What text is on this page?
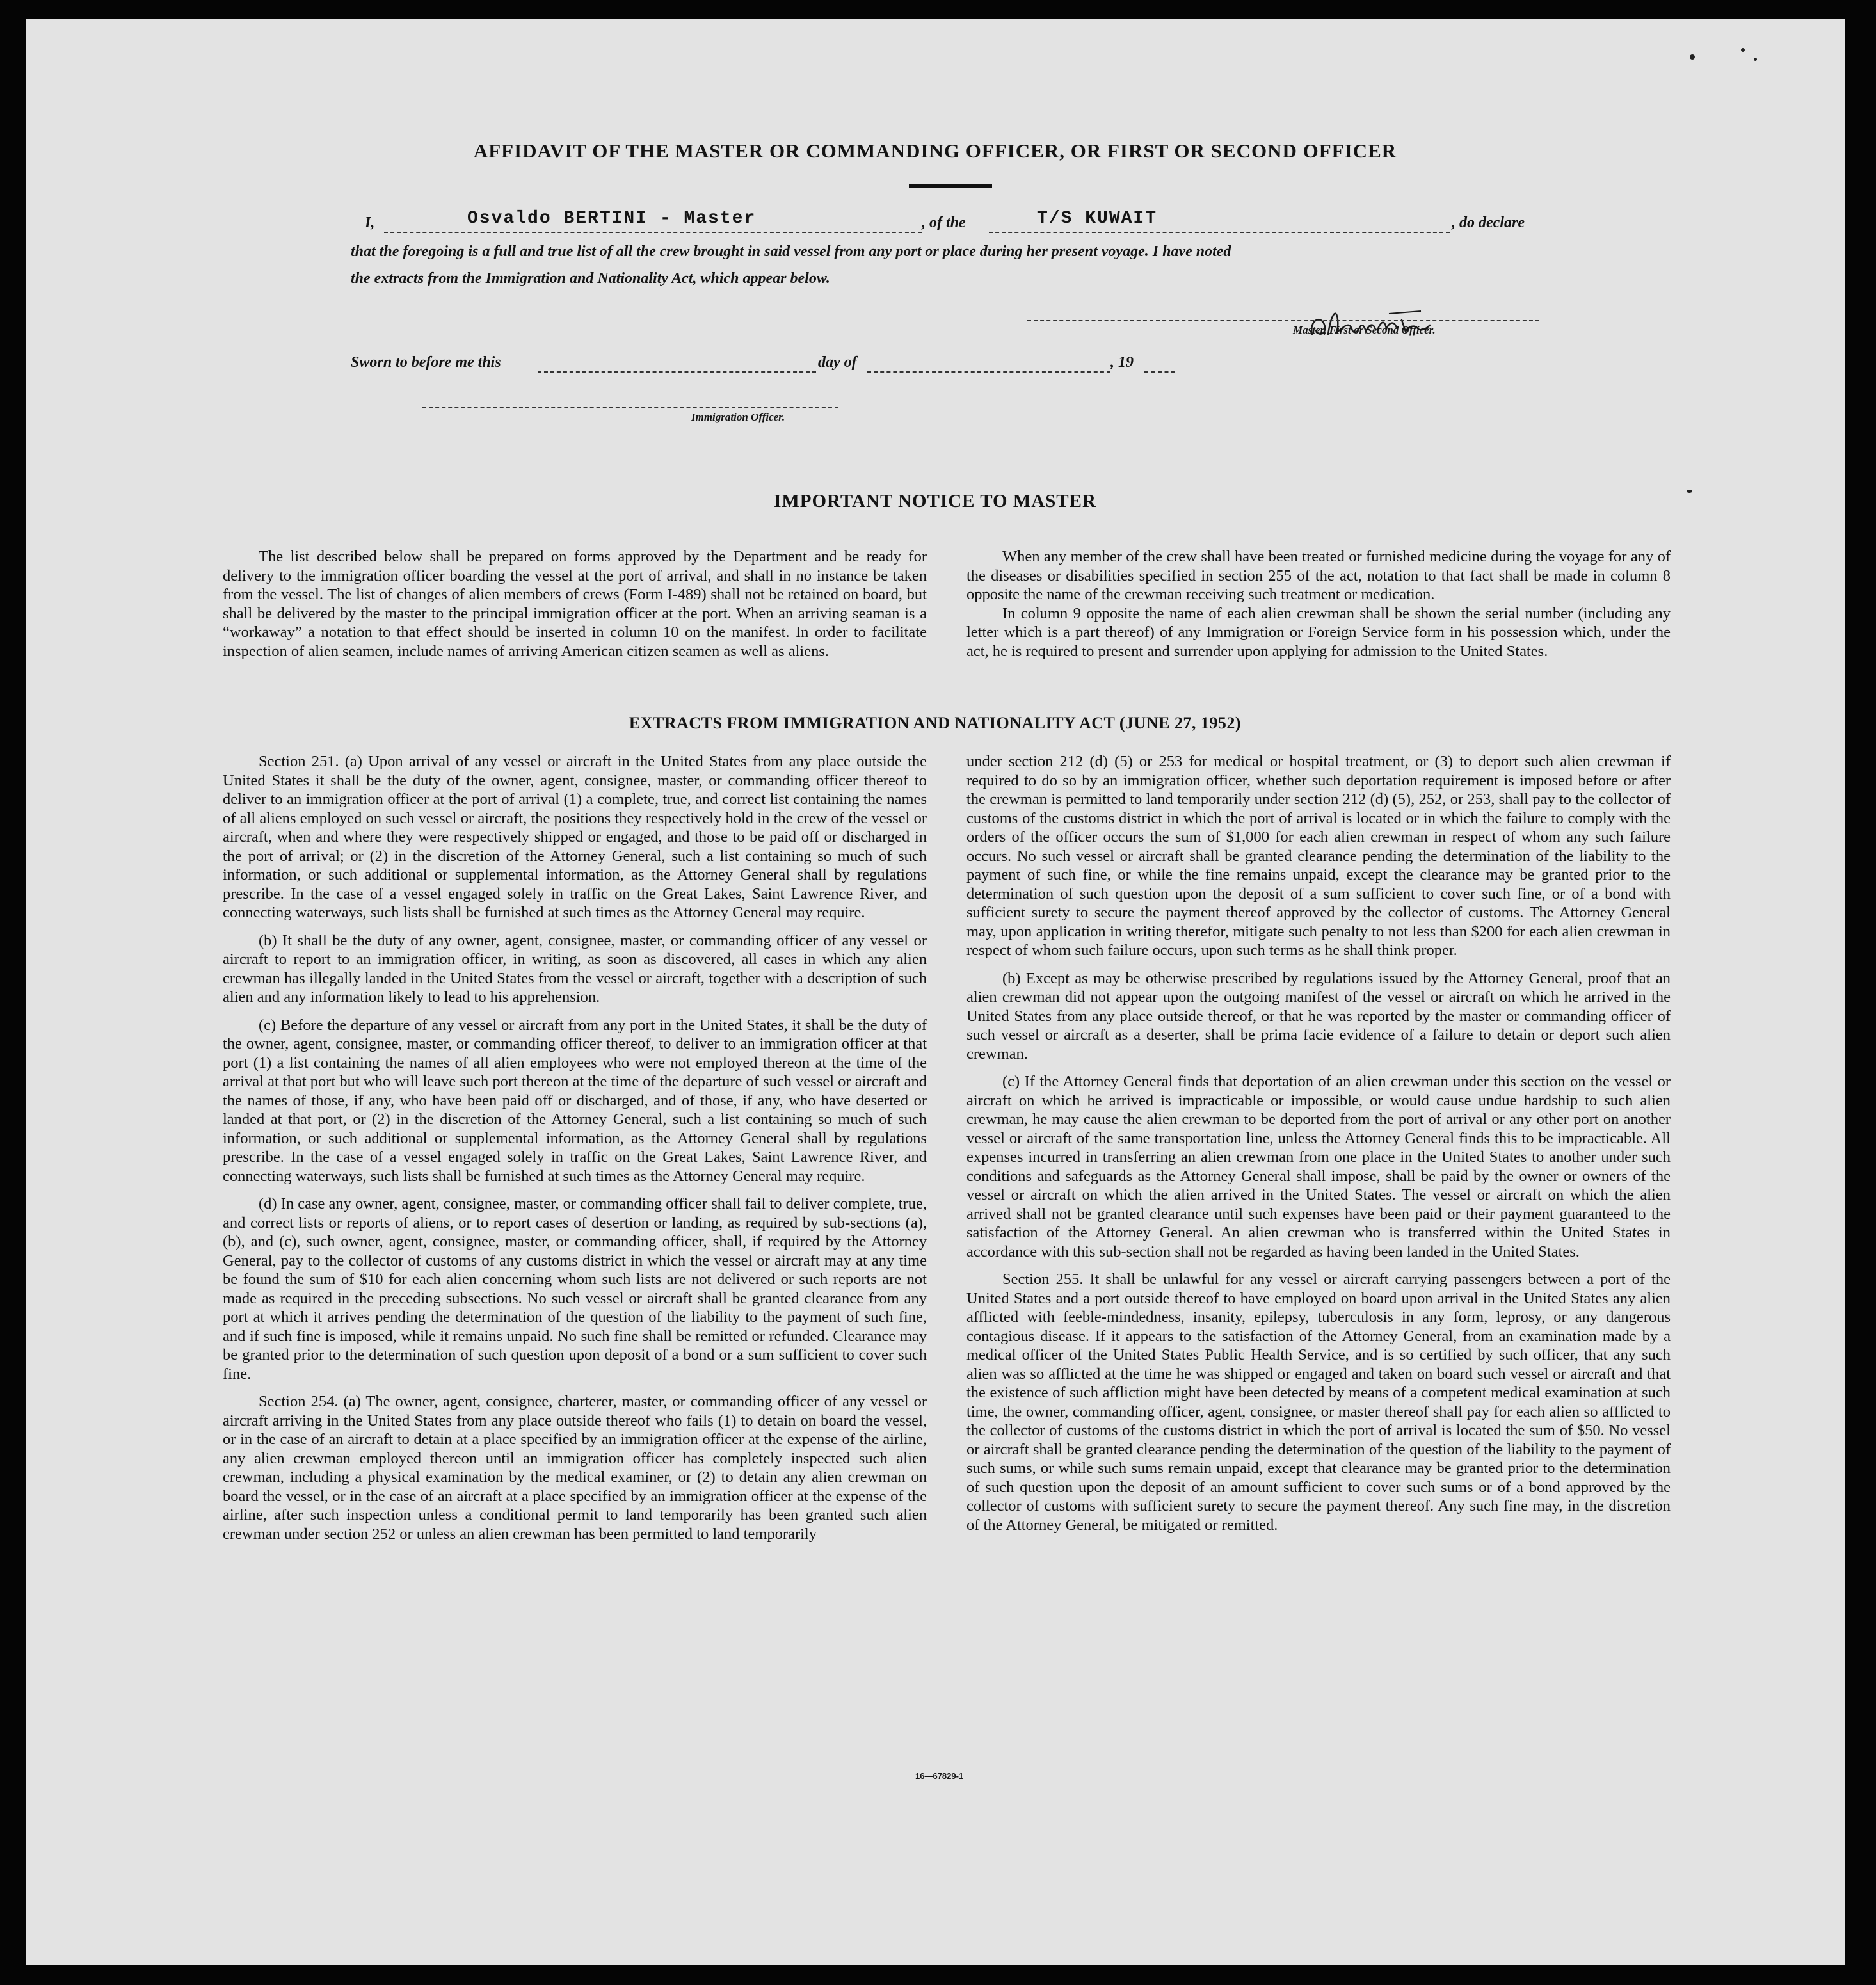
AFFIDAVIT OF THE MASTER OR COMMANDING OFFICER, OR FIRST OR SECOND OFFICER
I,	Osvaldo BERTINI - Master	, of the	T/S KUWAIT	, do declare
that the foregoing is a full and true list of all the crew brought in said vessel from any port or place during her present voyage. I have noted
the extracts from the Immigration and Nationality Act, which appear below.
Master, First or Second Officer.
Sworn to before me this	day of	, 19
Immigration Officer.
IMPORTANT NOTICE TO MASTER

The list described below shall be prepared on forms approved by the Department and be ready for delivery to the immigration officer boarding the vessel at the port of arrival, and shall in no instance be taken from the vessel. The list of changes of alien members of crews (Form I-489) shall not be retained on board, but shall be delivered by the master to the principal immigration officer at the port. When an arriving seaman is a “workaway” a notation to that effect should be inserted in column 10 on the manifest. In order to facilitate inspection of alien seamen, include names of arriving American citizen seamen as well as aliens.

When any member of the crew shall have been treated or furnished medicine during the voyage for any of the diseases or disabilities specified in section 255 of the act, notation to that fact shall be made in column 8 opposite the name of the crewman receiving such treatment or medication.

In column 9 opposite the name of each alien crewman shall be shown the serial number (including any letter which is a part thereof) of any Immigration or Foreign Service form in his possession which, under the act, he is required to present and surrender upon applying for admission to the United States.

EXTRACTS FROM IMMIGRATION AND NATIONALITY ACT (JUNE 27, 1952)

Section 251. (a) Upon arrival of any vessel or aircraft in the United States from any place outside the United States it shall be the duty of the owner, agent, consignee, master, or commanding officer thereof to deliver to an immigration officer at the port of arrival (1) a complete, true, and correct list containing the names of all aliens employed on such vessel or aircraft, the positions they respectively hold in the crew of the vessel or aircraft, when and where they were respectively shipped or engaged, and those to be paid off or discharged in the port of arrival; or (2) in the discretion of the Attorney General, such a list containing so much of such information, or such additional or supplemental information, as the Attorney General shall by regulations prescribe. In the case of a vessel engaged solely in traffic on the Great Lakes, Saint Lawrence River, and connecting waterways, such lists shall be furnished at such times as the Attorney General may require.

(b) It shall be the duty of any owner, agent, consignee, master, or commanding officer of any vessel or aircraft to report to an immigration officer, in writing, as soon as discovered, all cases in which any alien crewman has illegally landed in the United States from the vessel or aircraft, together with a description of such alien and any information likely to lead to his apprehension.

(c) Before the departure of any vessel or aircraft from any port in the United States, it shall be the duty of the owner, agent, consignee, master, or commanding officer thereof, to deliver to an immigration officer at that port (1) a list containing the names of all alien employees who were not employed thereon at the time of the arrival at that port but who will leave such port thereon at the time of the departure of such vessel or aircraft and the names of those, if any, who have been paid off or discharged, and of those, if any, who have deserted or landed at that port, or (2) in the discretion of the Attorney General, such a list containing so much of such information, or such additional or supplemental information, as the Attorney General shall by regulations prescribe. In the case of a vessel engaged solely in traffic on the Great Lakes, Saint Lawrence River, and connecting waterways, such lists shall be furnished at such times as the Attorney General may require.

(d) In case any owner, agent, consignee, master, or commanding officer shall fail to deliver complete, true, and correct lists or reports of aliens, or to report cases of desertion or landing, as required by sub-sections (a), (b), and (c), such owner, agent, consignee, master, or commanding officer, shall, if required by the Attorney General, pay to the collector of customs of any customs district in which the vessel or aircraft may at any time be found the sum of $10 for each alien concerning whom such lists are not delivered or such reports are not made as required in the preceding subsections. No such vessel or aircraft shall be granted clearance from any port at which it arrives pending the determination of the question of the liability to the payment of such fine, and if such fine is imposed, while it remains unpaid. No such fine shall be remitted or refunded. Clearance may be granted prior to the determination of such question upon deposit of a bond or a sum sufficient to cover such fine.

Section 254. (a) The owner, agent, consignee, charterer, master, or commanding officer of any vessel or aircraft arriving in the United States from any place outside thereof who fails (1) to detain on board the vessel, or in the case of an aircraft to detain at a place specified by an immigration officer at the expense of the airline, any alien crewman employed thereon until an immigration officer has completely inspected such alien crewman, including a physical examination by the medical examiner, or (2) to detain any alien crewman on board the vessel, or in the case of an aircraft at a place specified by an immigration officer at the expense of the airline, after such inspection unless a conditional permit to land temporarily has been granted such alien crewman under section 252 or unless an alien crewman has been permitted to land temporarily

under section 212 (d) (5) or 253 for medical or hospital treatment, or (3) to deport such alien crewman if required to do so by an immigration officer, whether such deportation requirement is imposed before or after the crewman is permitted to land temporarily under section 212 (d) (5), 252, or 253, shall pay to the collector of customs of the customs district in which the port of arrival is located or in which the failure to comply with the orders of the officer occurs the sum of $1,000 for each alien crewman in respect of whom any such failure occurs. No such vessel or aircraft shall be granted clearance pending the determination of the liability to the payment of such fine, or while the fine remains unpaid, except the clearance may be granted prior to the determination of such question upon the deposit of a sum sufficient to cover such fine, or of a bond with sufficient surety to secure the payment thereof approved by the collector of customs. The Attorney General may, upon application in writing therefor, mitigate such penalty to not less than $200 for each alien crewman in respect of whom such failure occurs, upon such terms as he shall think proper.

(b) Except as may be otherwise prescribed by regulations issued by the Attorney General, proof that an alien crewman did not appear upon the outgoing manifest of the vessel or aircraft on which he arrived in the United States from any place outside thereof, or that he was reported by the master or commanding officer of such vessel or aircraft as a deserter, shall be prima facie evidence of a failure to detain or deport such alien crewman.

(c) If the Attorney General finds that deportation of an alien crewman under this section on the vessel or aircraft on which he arrived is impracticable or impossible, or would cause undue hardship to such alien crewman, he may cause the alien crewman to be deported from the port of arrival or any other port on another vessel or aircraft of the same transportation line, unless the Attorney General finds this to be impracticable. All expenses incurred in transferring an alien crewman from one place in the United States to another under such conditions and safeguards as the Attorney General shall impose, shall be paid by the owner or owners of the vessel or aircraft on which the alien arrived in the United States. The vessel or aircraft on which the alien arrived shall not be granted clearance until such expenses have been paid or their payment guaranteed to the satisfaction of the Attorney General. An alien crewman who is transferred within the United States in accordance with this sub-section shall not be regarded as having been landed in the United States.

Section 255. It shall be unlawful for any vessel or aircraft carrying passengers between a port of the United States and a port outside thereof to have employed on board upon arrival in the United States any alien afflicted with feeble-mindedness, insanity, epilepsy, tuberculosis in any form, leprosy, or any dangerous contagious disease. If it appears to the satisfaction of the Attorney General, from an examination made by a medical officer of the United States Public Health Service, and is so certified by such officer, that any such alien was so afflicted at the time he was shipped or engaged and taken on board such vessel or aircraft and that the existence of such affliction might have been detected by means of a competent medical examination at such time, the owner, commanding officer, agent, consignee, or master thereof shall pay for each alien so afflicted to the collector of customs of the customs district in which the port of arrival is located the sum of $50. No vessel or aircraft shall be granted clearance pending the determination of the question of the liability to the payment of such sums, or while such sums remain unpaid, except that clearance may be granted prior to the determination of such question upon the deposit of an amount sufficient to cover such sums or of a bond approved by the collector of customs with sufficient surety to secure the payment thereof. Any such fine may, in the discretion of the Attorney General, be mitigated or remitted.

16—67829-1
